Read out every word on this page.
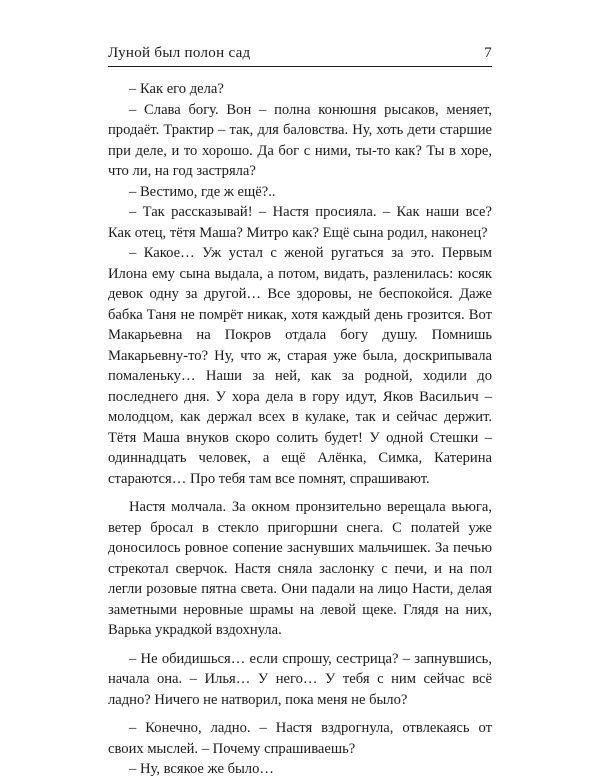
Луной был полон сад	7

– Как его дела?

– Слава богу. Вон – полна конюшня рысаков, меняет, продаёт. Трактир – так, для баловства. Ну, хоть дети старшие при деле, и то хорошо. Да бог с ними, ты-то как? Ты в хоре, что ли, на год застряла?

– Вестимо, где ж ещё?..

– Так рассказывай! – Настя просияла. – Как наши все? Как отец, тётя Маша? Митро как? Ещё сына родил, наконец?

– Какое… Уж устал с женой ругаться за это. Первым Илона ему сына выдала, а потом, видать, разленилась: косяк девок одну за другой… Все здоровы, не беспокойся. Даже бабка Таня не помрёт никак, хотя каждый день грозится. Вот Макарьевна на Покров отдала богу душу. Помнишь Макарьевну-то? Ну, что ж, старая уже была, доскрипывала помаленьку… Наши за ней, как за родной, ходили до последнего дня. У хора дела в гору идут, Яков Васильич – молодцом, как держал всех в кулаке, так и сейчас держит. Тётя Маша внуков скоро солить будет! У одной Стешки – одиннадцать человек, а ещё Алёнка, Симка, Катерина стараются… Про тебя там все помнят, спрашивают.

Настя молчала. За окном пронзительно верещала вьюга, ветер бросал в стекло пригоршни снега. С полатей уже доносилось ровное сопение заснувших мальчишек. За печью стрекотал сверчок. Настя сняла заслонку с печи, и на пол легли розовые пятна света. Они падали на лицо Насти, делая заметными неровные шрамы на левой щеке. Глядя на них, Варька украдкой вздохнула.

– Не обидишься… если спрошу, сестрица? – запнувшись, начала она. – Илья… У него… У тебя с ним сейчас всё ладно? Ничего не натворил, пока меня не было?

– Конечно, ладно. – Настя вздрогнула, отвлекаясь от своих мыслей. – Почему спрашиваешь?

– Ну, всякое же было…
